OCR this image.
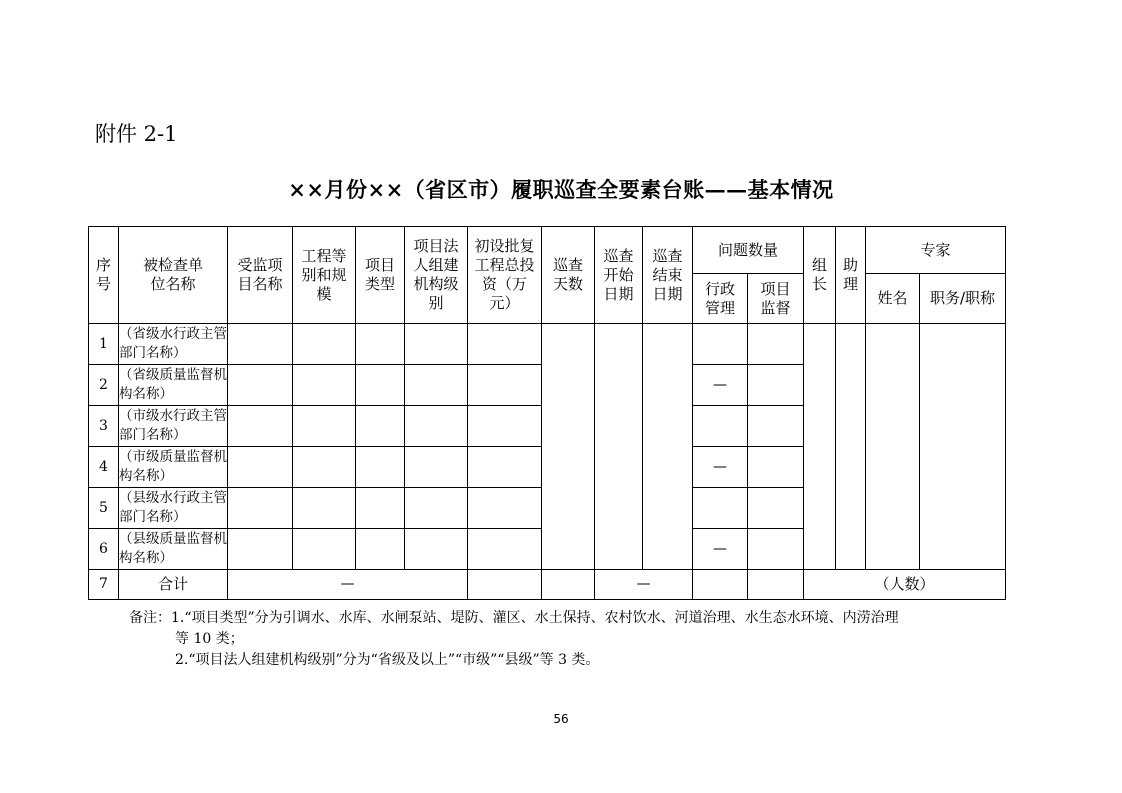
附件 2-1
××月份××（省区市）履职巡查全要素台账——基本情况
序号	被检查单位名称	受监项目名称	工程等别和规模	项目类型	项目法人组建机构级别	初设批复工程总投资（万元）	巡查天数	巡查开始日期	巡查结束日期	问题数量		组长	助理	专家	
										行政管理	项目监督			姓名	职务/职称
1	（省级水行政主管部门名称）														
2	（省级质量监督机构名称）									—					
3	（市级水行政主管部门名称）														
4	（市级质量监督机构名称）									—					
5	（县级水行政主管部门名称）														
6	（县级质量监督机构名称）									—					
7	合计	—						—				（人数）			
备注：1.“项目类型”分为引调水、水库、水闸泵站、堤防、灌区、水土保持、农村饮水、河道治理、水生态水环境、内涝治理
等 10 类；
2.“项目法人组建机构级别”分为“省级及以上”“市级”“县级”等 3 类。
56
